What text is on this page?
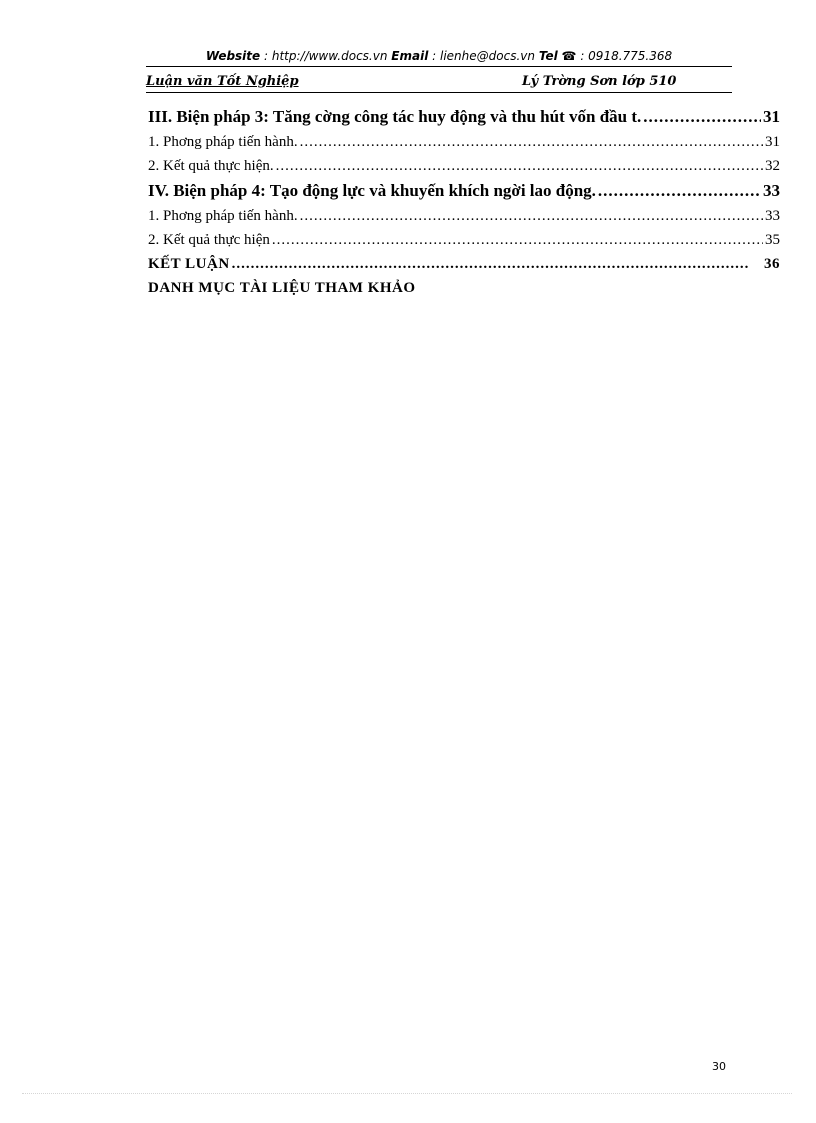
Website : http://www.docs.vn Email : lienhe@docs.vn Tel ☎ : 0918.775.368
Luận văn Tốt Nghiệp	Lý Trờng Sơn lớp 510
III. Biện pháp 3: Tăng cờng công tác huy động và thu hút vốn đầu t. .....	31
1. Phơng pháp tiến hành. .....	31
2. Kết quả thực hiện. .....	32
IV. Biện pháp 4: Tạo động lực và khuyến khích ngời lao động. .....	33
1. Phơng pháp tiến hành. .....	33
2. Kết quả thực hiện .....	35
KẾT LUẬN .....	36
DANH MỤC TÀI LIỆU THAM KHẢO
30
